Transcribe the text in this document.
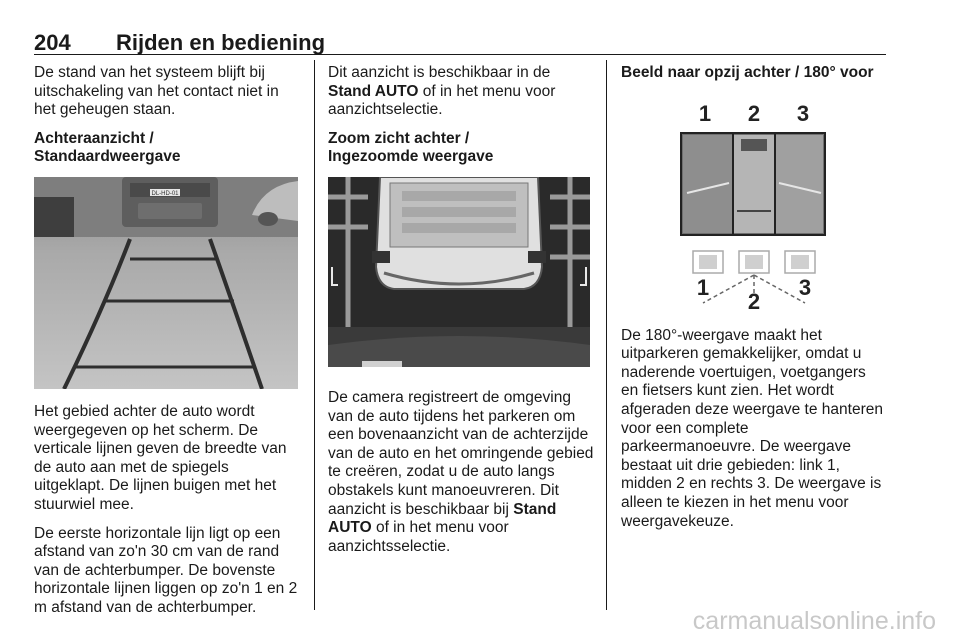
204 Rijden en bediening

De stand van het systeem blijft bij uitschakeling van het contact niet in het geheugen staan.

Achteraanzicht /
Standaardweergave
DL-HD-01

Het gebied achter de auto wordt weergegeven op het scherm. De verticale lijnen geven de breedte van de auto aan met de spiegels uitgeklapt. De lijnen buigen met het stuurwiel mee.

De eerste horizontale lijn ligt op een afstand van zo'n 30 cm van de rand van de achterbumper. De bovenste horizontale lijnen liggen op zo'n 1 en 2 m afstand van de achterbumper.

Dit aanzicht is beschikbaar in de Stand AUTO of in het menu voor aanzichtselectie.

Zoom zicht achter /
Ingezoomde weergave

De camera registreert de omgeving van de auto tijdens het parkeren om een bovenaanzicht van de achterzijde van de auto en het omringende gebied te creëren, zodat u de auto langs obstakels kunt manoeuvreren. Dit aanzicht is beschikbaar bij Stand AUTO of in het menu voor aanzichtsselectie.

Beeld naar opzij achter / 180° voor
1 2 3
1
2
3

De 180°-weergave maakt het uitparkeren gemakkelijker, omdat u naderende voertuigen, voetgangers en fietsers kunt zien. Het wordt afgeraden deze weergave te hanteren voor een complete parkeermanoeuvre. De weergave bestaat uit drie gebieden: link 1, midden 2 en rechts 3. De weergave is alleen te kiezen in het menu voor weergavekeuze.

carmanualsonline.info
